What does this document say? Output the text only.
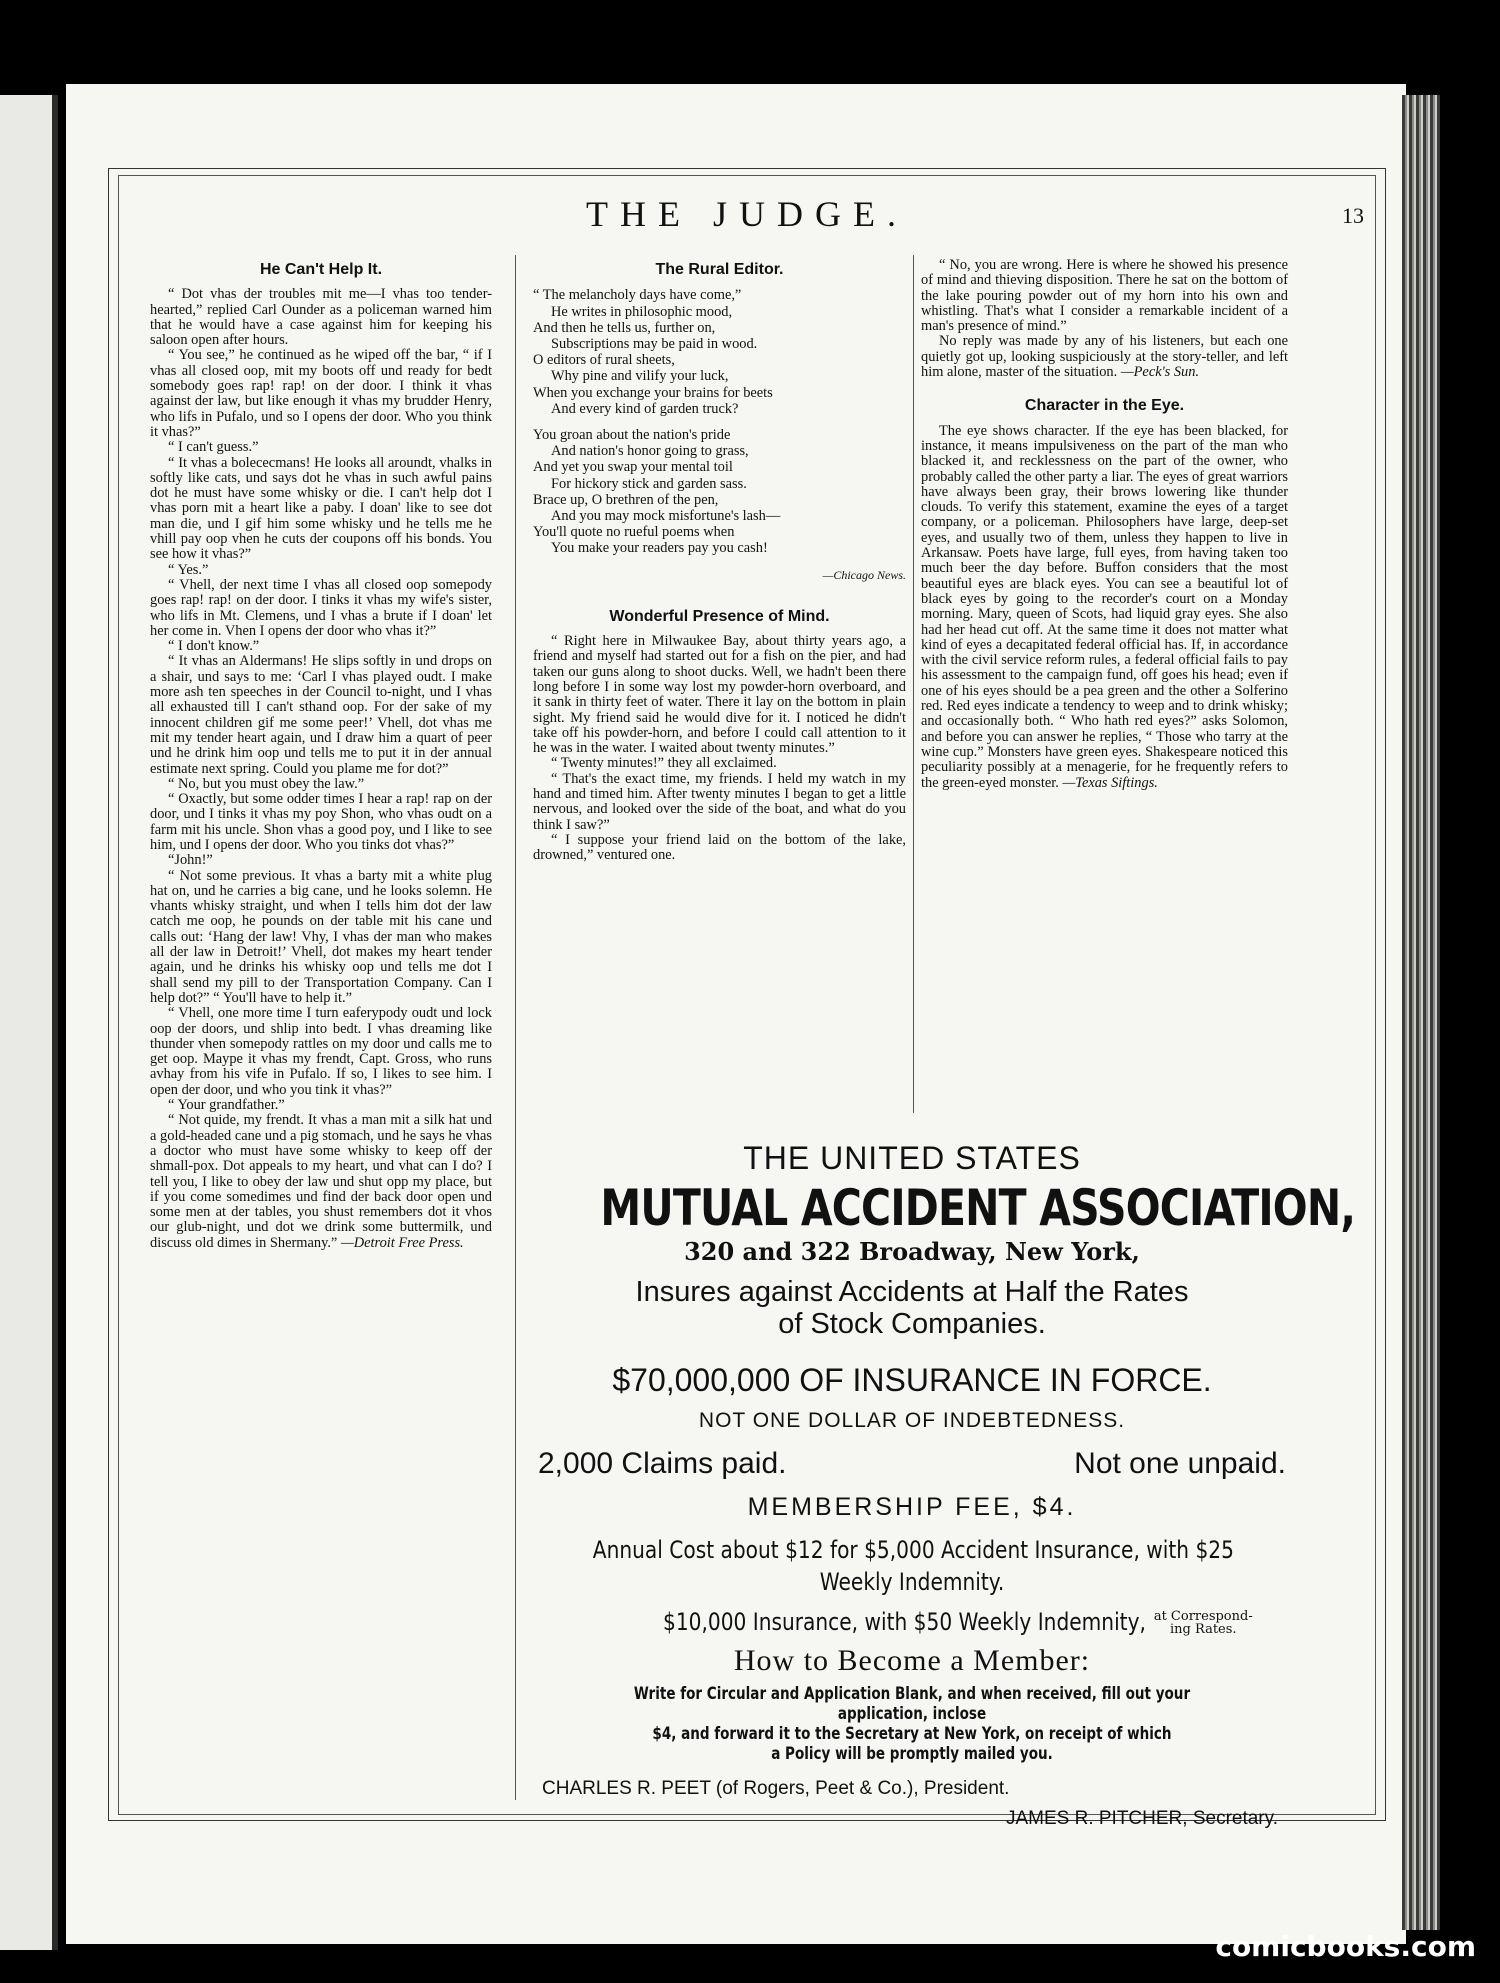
THE JUDGE.	13
He Can't Help It.

“ Dot vhas der troubles mit me—I vhas too tender-hearted,” replied Carl Ounder as a policeman warned him that he would have a case against him for keeping his saloon open after hours.

“ You see,” he continued as he wiped off the bar, “ if I vhas all closed oop, mit my boots off und ready for bedt somebody goes rap! rap! on der door. I think it vhas against der law, but like enough it vhas my brudder Henry, who lifs in Pufalo, und so I opens der door. Who you think it vhas?”

“ I can't guess.”

“ It vhas a bolececmans! He looks all aroundt, vhalks in softly like cats, und says dot he vhas in such awful pains dot he must have some whisky or die. I can't help dot I vhas porn mit a heart like a paby. I doan' like to see dot man die, und I gif him some whisky und he tells me he vhill pay oop vhen he cuts der coupons off his bonds. You see how it vhas?”

“ Yes.”

“ Vhell, der next time I vhas all closed oop somepody goes rap! rap! on der door. I tinks it vhas my wife's sister, who lifs in Mt. Clemens, und I vhas a brute if I doan' let her come in. Vhen I opens der door who vhas it?”

“ I don't know.”

“ It vhas an Aldermans! He slips softly in und drops on a shair, und says to me: ‘Carl I vhas played oudt. I make more ash ten speeches in der Council to-night, und I vhas all exhausted till I can't sthand oop. For der sake of my innocent children gif me some peer!’ Vhell, dot vhas me mit my tender heart again, und I draw him a quart of peer und he drink him oop und tells me to put it in der annual estimate next spring. Could you plame me for dot?”

“ No, but you must obey the law.”

“ Oxactly, but some odder times I hear a rap! rap on der door, und I tinks it vhas my poy Shon, who vhas oudt on a farm mit his uncle. Shon vhas a good poy, und I like to see him, und I opens der door. Who you tinks dot vhas?”

“John!”

“ Not some previous. It vhas a barty mit a white plug hat on, und he carries a big cane, und he looks solemn. He vhants whisky straight, und when I tells him dot der law catch me oop, he pounds on der table mit his cane und calls out: ‘Hang der law! Vhy, I vhas der man who makes all der law in Detroit!’ Vhell, dot makes my heart tender again, und he drinks his whisky oop und tells me dot I shall send my pill to der Transportation Company. Can I help dot?” “ You'll have to help it.”

“ Vhell, one more time I turn eaferypody oudt und lock oop der doors, und shlip into bedt. I vhas dreaming like thunder vhen somepody rattles on my door und calls me to get oop. Maype it vhas my frendt, Capt. Gross, who runs avhay from his vife in Pufalo. If so, I likes to see him. I open der door, und who you tink it vhas?”

“ Your grandfather.”

“ Not quide, my frendt. It vhas a man mit a silk hat und a gold-headed cane und a pig stomach, und he says he vhas a doctor who must have some whisky to keep off der shmall-pox. Dot appeals to my heart, und vhat can I do? I tell you, I like to obey der law und shut opp my place, but if you come somedimes und find der back door open und some men at der tables, you shust remembers dot it vhos our glub-night, und dot we drink some buttermilk, und discuss old dimes in Shermany.” —Detroit Free Press.

The Rural Editor.
“ The melancholy days have come,”
He writes in philosophic mood,
And then he tells us, further on,
Subscriptions may be paid in wood.
O editors of rural sheets,
Why pine and vilify your luck,
When you exchange your brains for beets
And every kind of garden truck?
You groan about the nation's pride
And nation's honor going to grass,
And yet you swap your mental toil
For hickory stick and garden sass.
Brace up, O brethren of the pen,
And you may mock misfortune's lash—
You'll quote no rueful poems when
You make your readers pay you cash!
—Chicago News.
Wonderful Presence of Mind.

“ Right here in Milwaukee Bay, about thirty years ago, a friend and myself had started out for a fish on the pier, and had taken our guns along to shoot ducks. Well, we hadn't been there long before I in some way lost my powder-horn overboard, and it sank in thirty feet of water. There it lay on the bottom in plain sight. My friend said he would dive for it. I noticed he didn't take off his powder-horn, and before I could call attention to it he was in the water. I waited about twenty minutes.”

“ Twenty minutes!” they all exclaimed.

“ That's the exact time, my friends. I held my watch in my hand and timed him. After twenty minutes I began to get a little nervous, and looked over the side of the boat, and what do you think I saw?”

“ I suppose your friend laid on the bottom of the lake, drowned,” ventured one.

“ No, you are wrong. Here is where he showed his presence of mind and thieving disposition. There he sat on the bottom of the lake pouring powder out of my horn into his own and whistling. That's what I consider a remarkable incident of a man's presence of mind.”

No reply was made by any of his listeners, but each one quietly got up, looking suspiciously at the story-teller, and left him alone, master of the situation. —Peck's Sun.

Character in the Eye.

The eye shows character. If the eye has been blacked, for instance, it means impulsiveness on the part of the man who blacked it, and recklessness on the part of the owner, who probably called the other party a liar. The eyes of great warriors have always been gray, their brows lowering like thunder clouds. To verify this statement, examine the eyes of a target company, or a policeman. Philosophers have large, deep-set eyes, and usually two of them, unless they happen to live in Arkansaw. Poets have large, full eyes, from having taken too much beer the day before. Buffon considers that the most beautiful eyes are black eyes. You can see a beautiful lot of black eyes by going to the recorder's court on a Monday morning. Mary, queen of Scots, had liquid gray eyes. She also had her head cut off. At the same time it does not matter what kind of eyes a decapitated federal official has. If, in accordance with the civil service reform rules, a federal official fails to pay his assessment to the campaign fund, off goes his head; even if one of his eyes should be a pea green and the other a Solferino red. Red eyes indicate a tendency to weep and to drink whisky; and occasionally both. “ Who hath red eyes?” asks Solomon, and before you can answer he replies, “ Those who tarry at the wine cup.” Monsters have green eyes. Shakespeare noticed this peculiarity possibly at a menagerie, for he frequently refers to the green-eyed monster. —Texas Siftings.

THE UNITED STATES
MUTUAL ACCIDENT ASSOCIATION,
320 and 322 Broadway, New York,
Insures against Accidents at Half the Rates
of Stock Companies.
$70,000,000 OF INSURANCE IN FORCE.
NOT ONE DOLLAR OF INDEBTEDNESS.
2,000 Claims paid.	Not one unpaid.
MEMBERSHIP FEE, $4.
Annual Cost about $12 for $5,000 Accident Insurance, with $25
Weekly Indemnity.
$10,000 Insurance, with $50 Weekly Indemnity, at Correspond-
ing Rates.
How to Become a Member:
Write for Circular and Application Blank, and when received, fill out your application, inclose
$4, and forward it to the Secretary at New York, on receipt of which
a Policy will be promptly mailed you.
CHARLES R. PEET (of Rogers, Peet & Co.), President.
JAMES R. PITCHER, Secretary.
comicbooks.com
